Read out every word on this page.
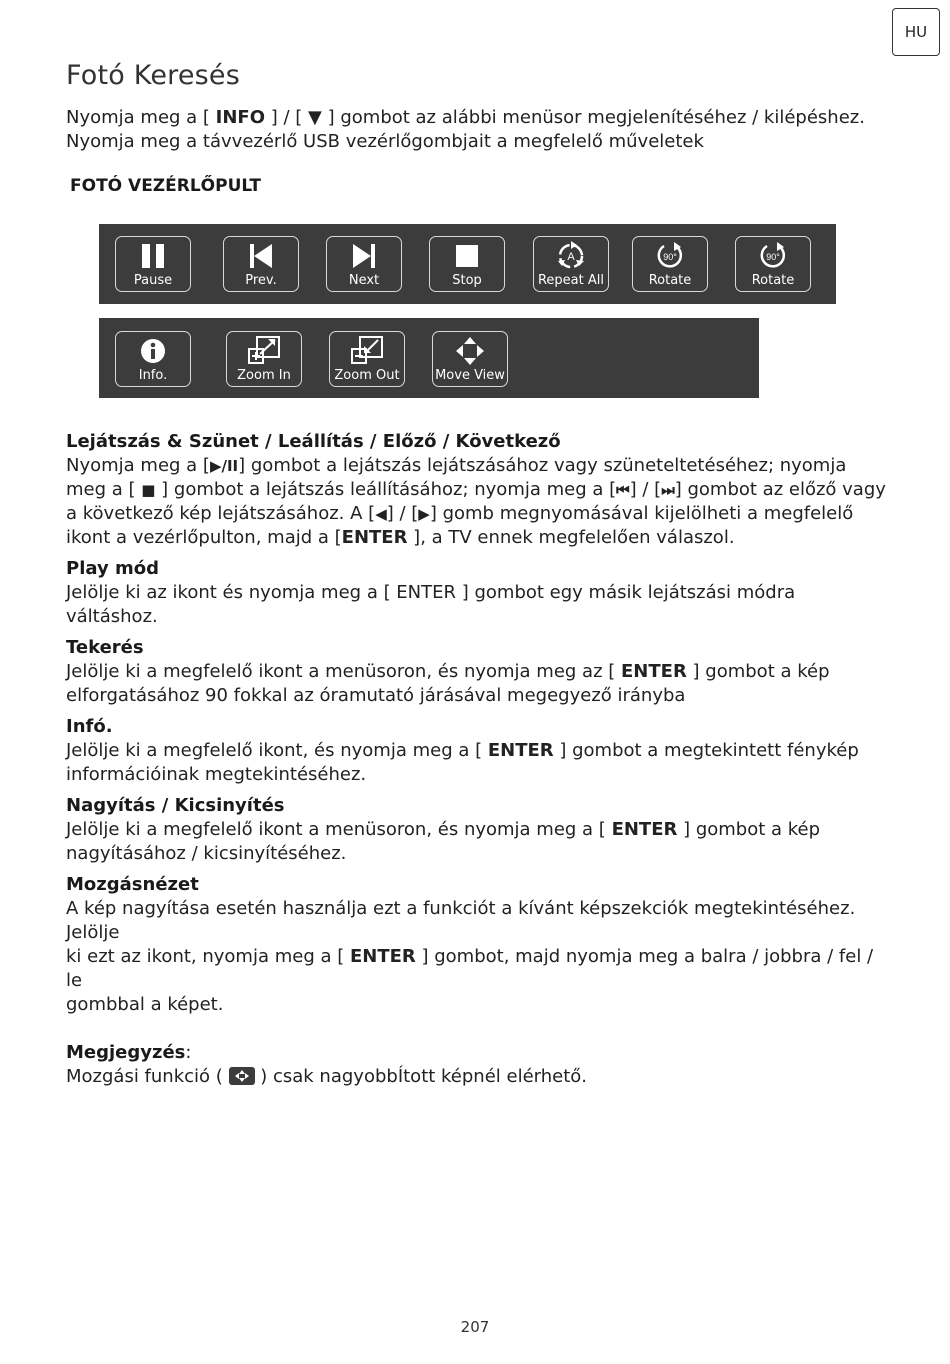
HU
Fotó Keresés

Nyomja meg a [ INFO ] / [ ▼ ] gombot az alábbi menüsor megjelenítéséhez / kilépéshez.

Nyomja meg a távvezérlő USB vezérlőgombjait a megfelelő műveletek

FOTÓ VEZÉRLŐPULT
Pause	Prev.	Next	Stop
A
Repeat All
90°
Rotate
90°
Rotate
Info.	Zoom In	Zoom Out	Move View
Lejátszás & Szünet / Leállítás / Előző / Következő

Nyomja meg a [▶/II] gombot a lejátszás lejátszásához vagy szüneteltetéséhez; nyomja

meg a [ ■ ] gombot a lejátszás leállításához; nyomja meg a [⏮] / [⏭] gombot az előző vagy

a következő kép lejátszásához. A [◀] / [▶] gomb megnyomásával kijelölheti a megfelelő

ikont a vezérlőpulton, majd a [ENTER ], a TV ennek megfelelően válaszol.

Play mód

Jelölje ki az ikont és nyomja meg a [ ENTER ] gombot egy másik lejátszási módra váltáshoz.

Tekerés

Jelölje ki a megfelelő ikont a menüsoron, és nyomja meg az [ ENTER ] gombot a kép

elforgatásához 90 fokkal az óramutató járásával megegyező irányba

Infó.

Jelölje ki a megfelelő ikont, és nyomja meg a [ ENTER ] gombot a megtekintett fénykép

információinak megtekintéséhez.

Nagyítás / Kicsinyítés

Jelölje ki a megfelelő ikont a menüsoron, és nyomja meg a [ ENTER ] gombot a kép

nagyításához / kicsinyítéséhez.

Mozgásnézet

A kép nagyítása esetén használja ezt a funkciót a kívánt képszekciók megtekintéséhez. Jelölje

ki ezt az ikont, nyomja meg a [ ENTER ] gombot, majd nyomja meg a balra / jobbra / fel / le

gombbal a képet.

Megjegyzés:

Mozgási funkció (
) csak nagyobbÍtott képnél elérhető.

207
